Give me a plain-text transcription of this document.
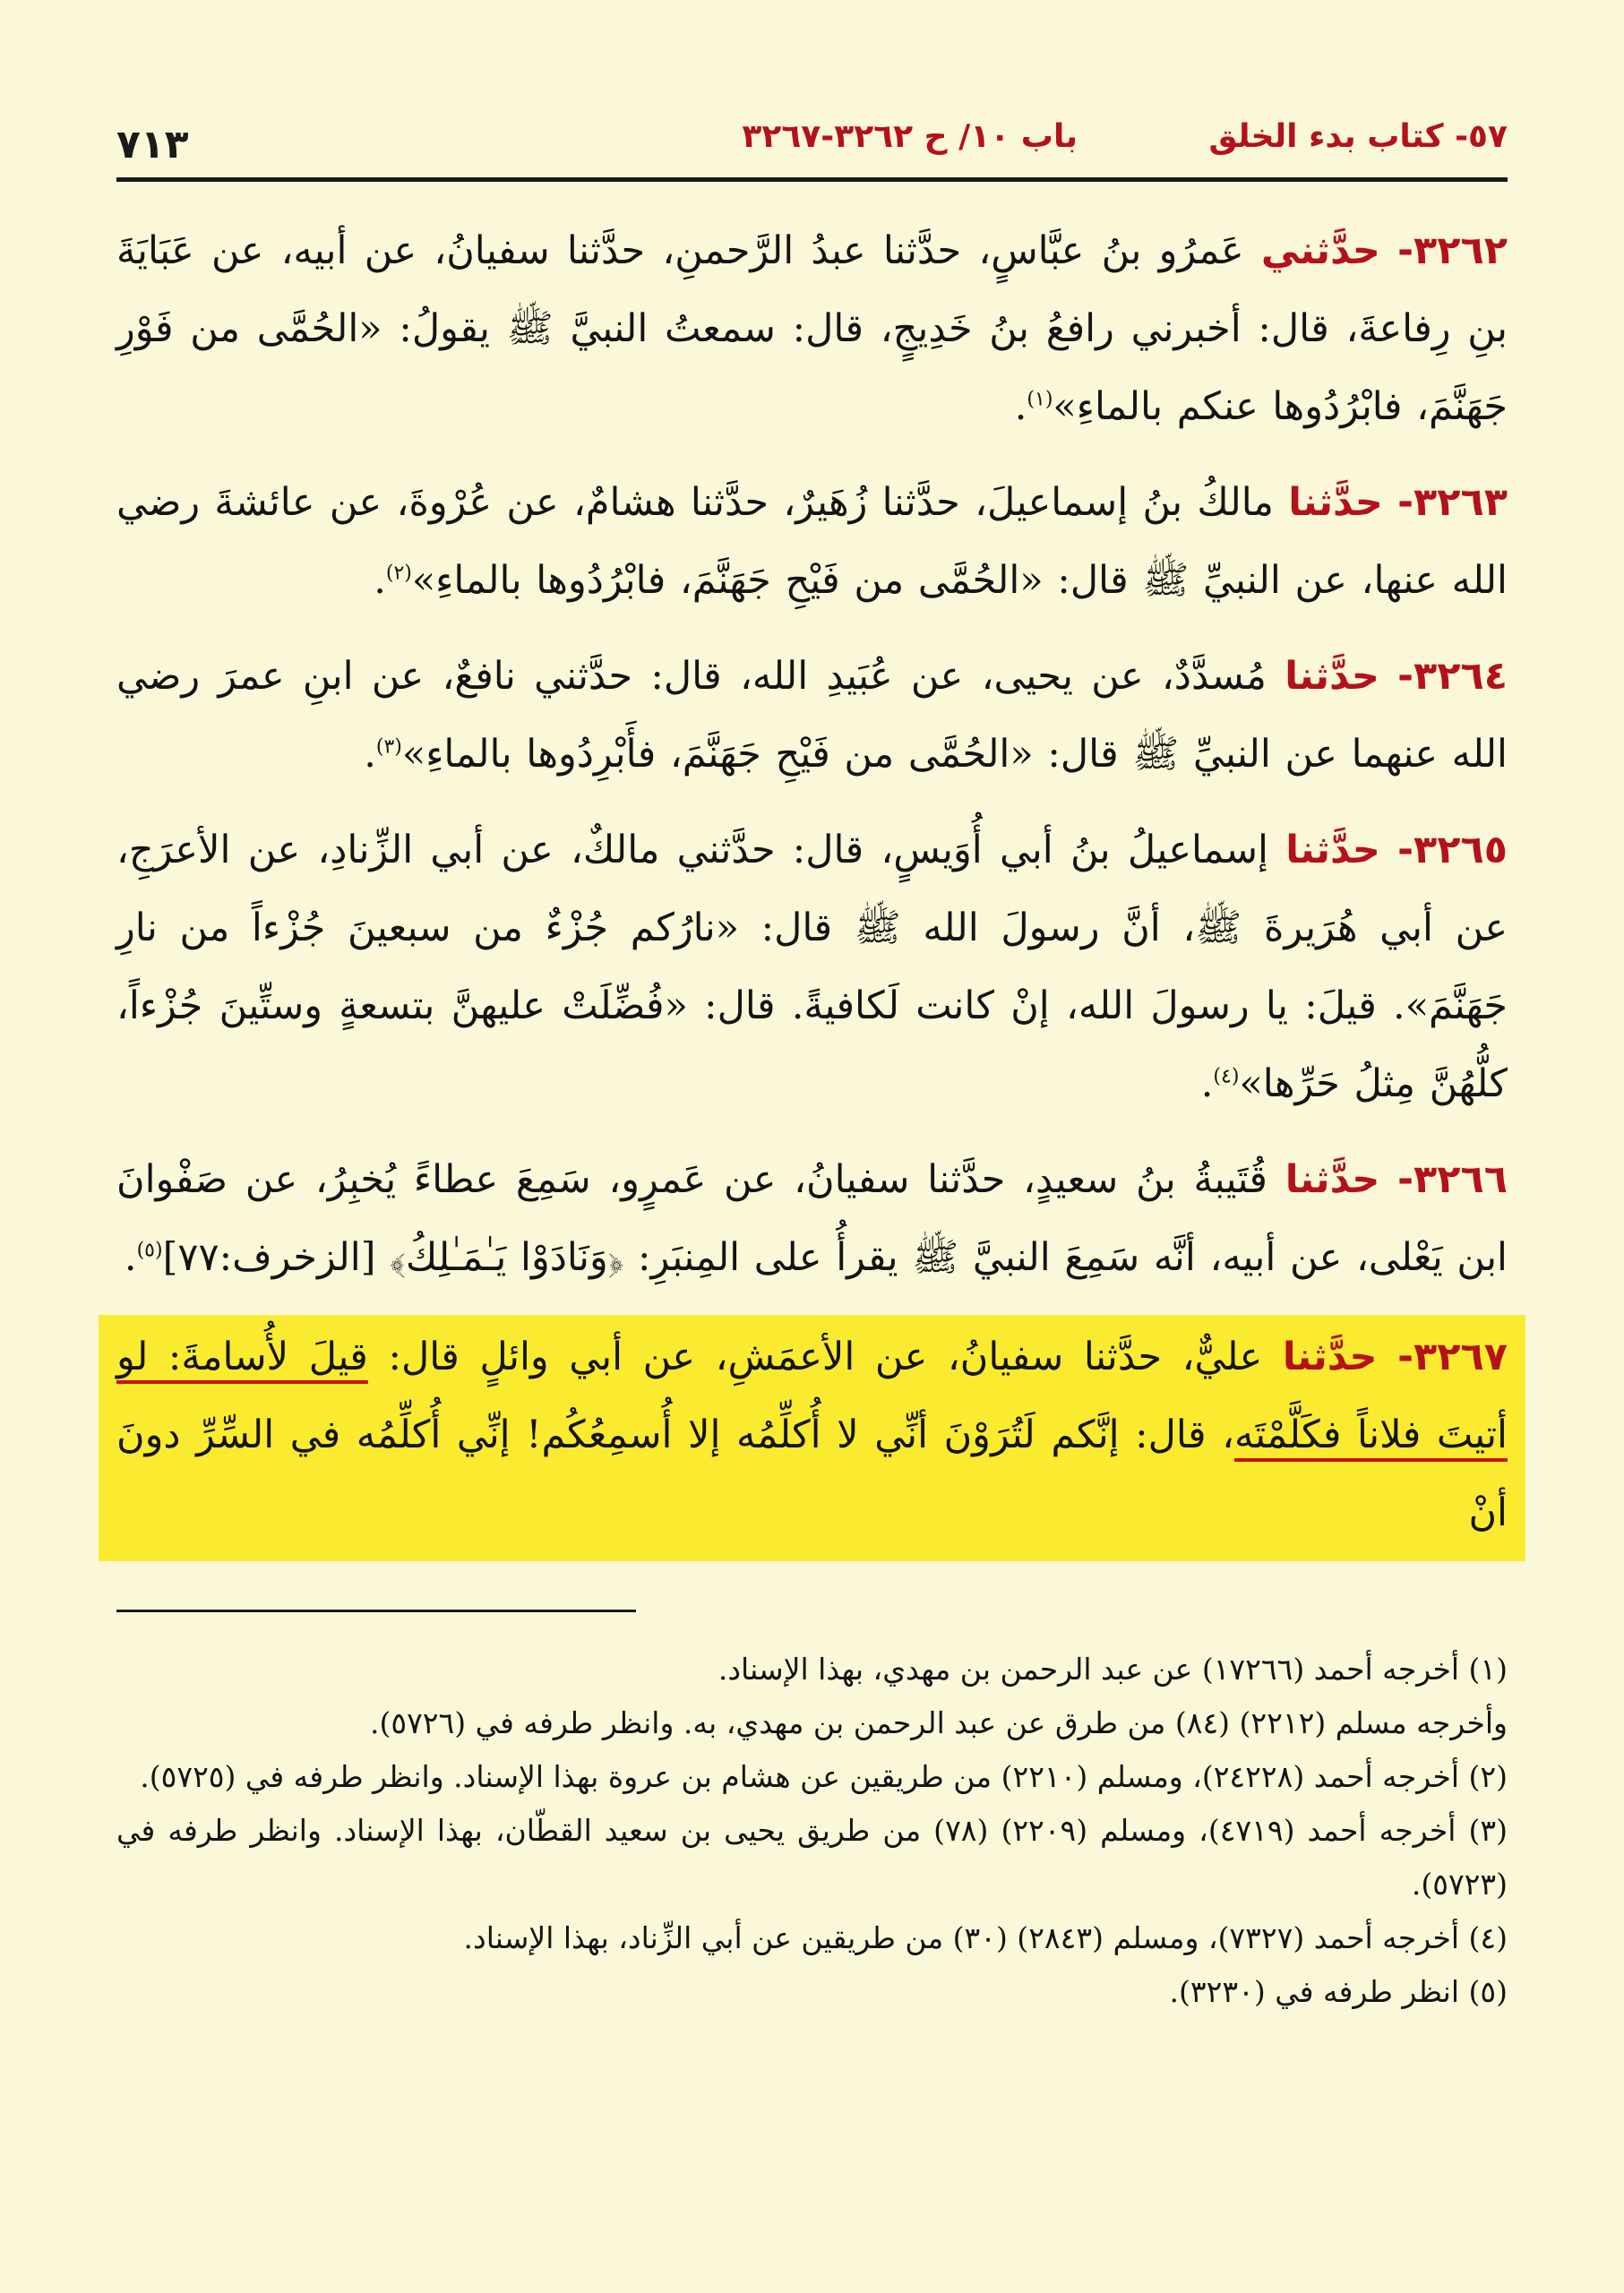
٥٧- كتاب بدء الخلق
باب ١٠/ ح ٣٢٦٢-٣٢٦٧
٧١٣
٣٢٦٢- حدَّثني عَمرُو بنُ عبَّاسٍ، حدَّثنا عبدُ الرَّحمنِ، حدَّثنا سفيانُ، عن أبيه، عن عَبَايَةَ بنِ رِفاعةَ، قال: أخبرني رافعُ بنُ خَدِيجٍ، قال: سمعتُ النبيَّ ﷺ يقولُ: «الحُمَّى من فَوْرِ جَهَنَّمَ، فابْرُدُوها عنكم بالماءِ»$^{(١)}$.
٣٢٦٣- حدَّثنا مالكُ بنُ إسماعيلَ، حدَّثنا زُهَيرٌ، حدَّثنا هشامٌ، عن عُرْوةَ، عن عائشةَ رضي الله عنها، عن النبيِّ ﷺ قال: «الحُمَّى من فَيْحِ جَهَنَّمَ، فابْرُدُوها بالماءِ»$^{(٢)}$.
٣٢٦٤- حدَّثنا مُسدَّدٌ، عن يحيى، عن عُبَيدِ الله، قال: حدَّثني نافعٌ، عن ابنِ عمرَ رضي الله عنهما عن النبيِّ ﷺ قال: «الحُمَّى من فَيْحِ جَهَنَّمَ، فأَبْرِدُوها بالماءِ»$^{(٣)}$.
٣٢٦٥- حدَّثنا إسماعيلُ بنُ أبي أُوَيسٍ، قال: حدَّثني مالكٌ، عن أبي الزِّنادِ، عن الأعرَجِ، عن أبي هُرَيرةَ ﷺ، أنَّ رسولَ الله ﷺ قال: «نارُكم جُزْءٌ من سبعينَ جُزْءاً من نارِ جَهَنَّمَ». قيلَ: يا رسولَ الله، إنْ كانت لَكافيةً. قال: «فُضِّلَتْ عليهنَّ بتسعةٍ وستِّينَ جُزْءاً، كلُّهُنَّ مِثلُ حَرِّها»$^{(٤)}$.
٣٢٦٦- حدَّثنا قُتَيبةُ بنُ سعيدٍ، حدَّثنا سفيانُ، عن عَمرٍو، سَمِعَ عطاءً يُخبِرُ، عن صَفْوانَ ابن يَعْلى، عن أبيه، أنَّه سَمِعَ النبيَّ ﷺ يقرأُ على المِنبَرِ: ﴿وَنَادَوْا يَـٰمَـٰلِكُ﴾ [الزخرف:٧٧]$^{(٥)}$.
٣٢٦٧- حدَّثنا عليٌّ، حدَّثنا سفيانُ، عن الأعمَشِ، عن أبي وائلٍ قال: قيلَ لأُسامةَ: لو أتيتَ فلاناً فكَلَّمْتَه، قال: إنَّكم لَتُرَوْنَ أنِّي لا أُكلِّمُه إلا أُسمِعُكُم! إنِّي أُكلِّمُه في السِّرِّ دونَ أنْ

(١) أخرجه أحمد (١٧٢٦٦) عن عبد الرحمن بن مهدي، بهذا الإسناد.

وأخرجه مسلم (٢٢١٢) (٨٤) من طرق عن عبد الرحمن بن مهدي، به. وانظر طرفه في (٥٧٢٦).

(٢) أخرجه أحمد (٢٤٢٢٨)، ومسلم (٢٢١٠) من طريقين عن هشام بن عروة بهذا الإسناد. وانظر طرفه في (٥٧٢٥).

(٣) أخرجه أحمد (٤٧١٩)، ومسلم (٢٢٠٩) (٧٨) من طريق يحيى بن سعيد القطّان، بهذا الإسناد. وانظر طرفه في (٥٧٢٣).

(٤) أخرجه أحمد (٧٣٢٧)، ومسلم (٢٨٤٣) (٣٠) من طريقين عن أبي الزِّناد، بهذا الإسناد.

(٥) انظر طرفه في (٣٢٣٠).
